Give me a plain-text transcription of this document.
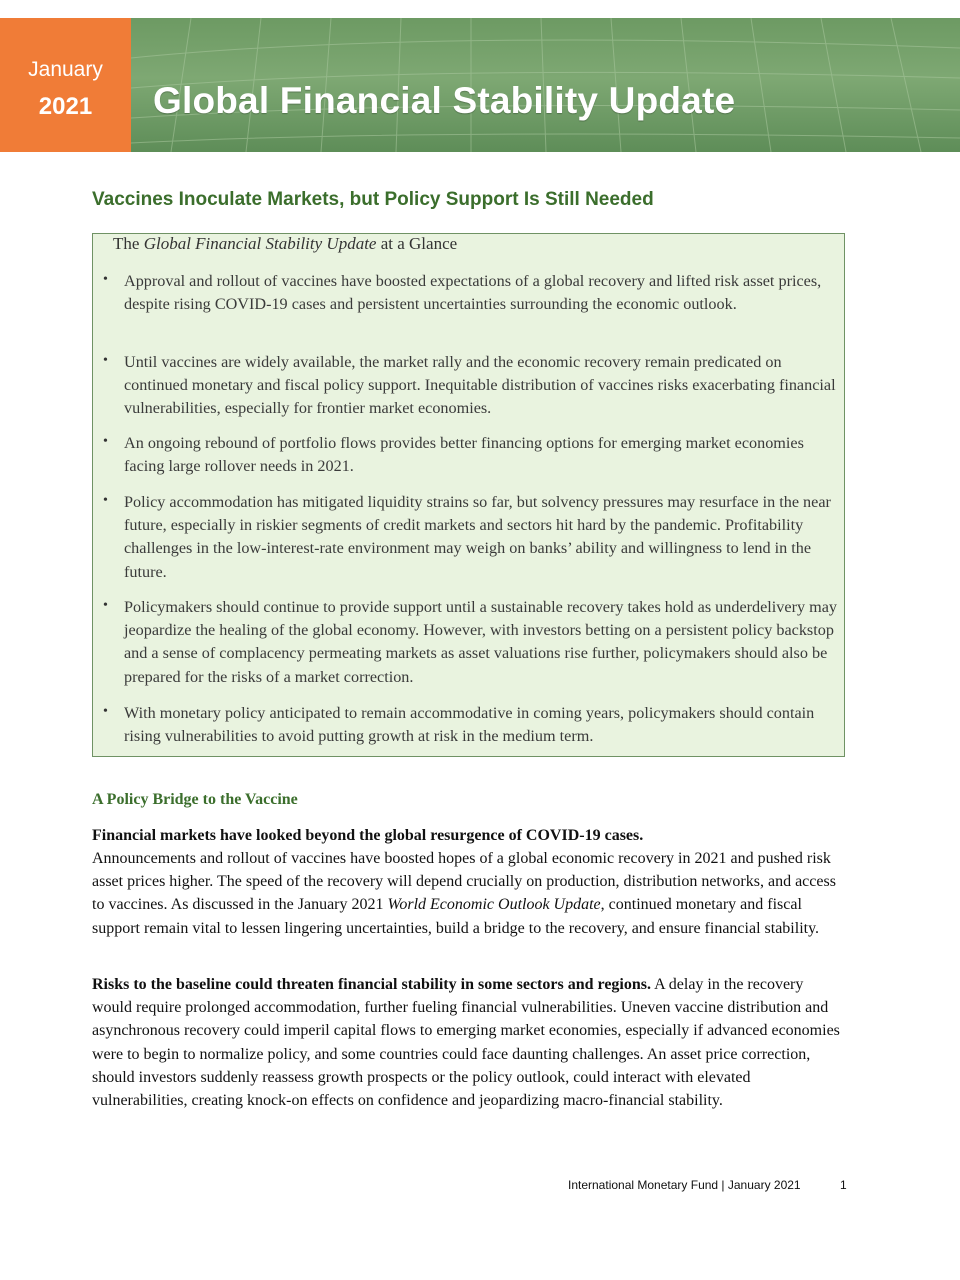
January
2021	Global Financial Stability Update
Vaccines Inoculate Markets, but Policy Support Is Still Needed
The Global Financial Stability Update at a Glance
• Approval and rollout of vaccines have boosted expectations of a global recovery and lifted risk asset prices, despite rising COVID-19 cases and persistent uncertainties surrounding the economic outlook.
• Until vaccines are widely available, the market rally and the economic recovery remain predicated on continued monetary and fiscal policy support. Inequitable distribution of vaccines risks exacerbating financial vulnerabilities, especially for frontier market economies.
• An ongoing rebound of portfolio flows provides better financing options for emerging market economies facing large rollover needs in 2021.
• Policy accommodation has mitigated liquidity strains so far, but solvency pressures may resurface in the near future, especially in riskier segments of credit markets and sectors hit hard by the pandemic. Profitability challenges in the low-interest-rate environment may weigh on banks’ ability and willingness to lend in the future.
• Policymakers should continue to provide support until a sustainable recovery takes hold as underdelivery may jeopardize the healing of the global economy. However, with investors betting on a persistent policy backstop and a sense of complacency permeating markets as asset valuations rise further, policymakers should also be prepared for the risks of a market correction.
• With monetary policy anticipated to remain accommodative in coming years, policymakers should contain rising vulnerabilities to avoid putting growth at risk in the medium term.
A Policy Bridge to the Vaccine
Financial markets have looked beyond the global resurgence of COVID-19 cases.
Announcements and rollout of vaccines have boosted hopes of a global economic recovery in 2021 and pushed risk asset prices higher. The speed of the recovery will depend crucially on production, distribution networks, and access to vaccines. As discussed in the January 2021 World Economic Outlook Update, continued monetary and fiscal support remain vital to lessen lingering uncertainties, build a bridge to the recovery, and ensure financial stability.
Risks to the baseline could threaten financial stability in some sectors and regions. A delay in the recovery would require prolonged accommodation, further fueling financial vulnerabilities. Uneven vaccine distribution and asynchronous recovery could imperil capital flows to emerging market economies, especially if advanced economies were to begin to normalize policy, and some countries could face daunting challenges. An asset price correction, should investors suddenly reassess growth prospects or the policy outlook, could interact with elevated vulnerabilities, creating knock-on effects on confidence and jeopardizing macro-financial stability.
International Monetary Fund | January 2021	1
